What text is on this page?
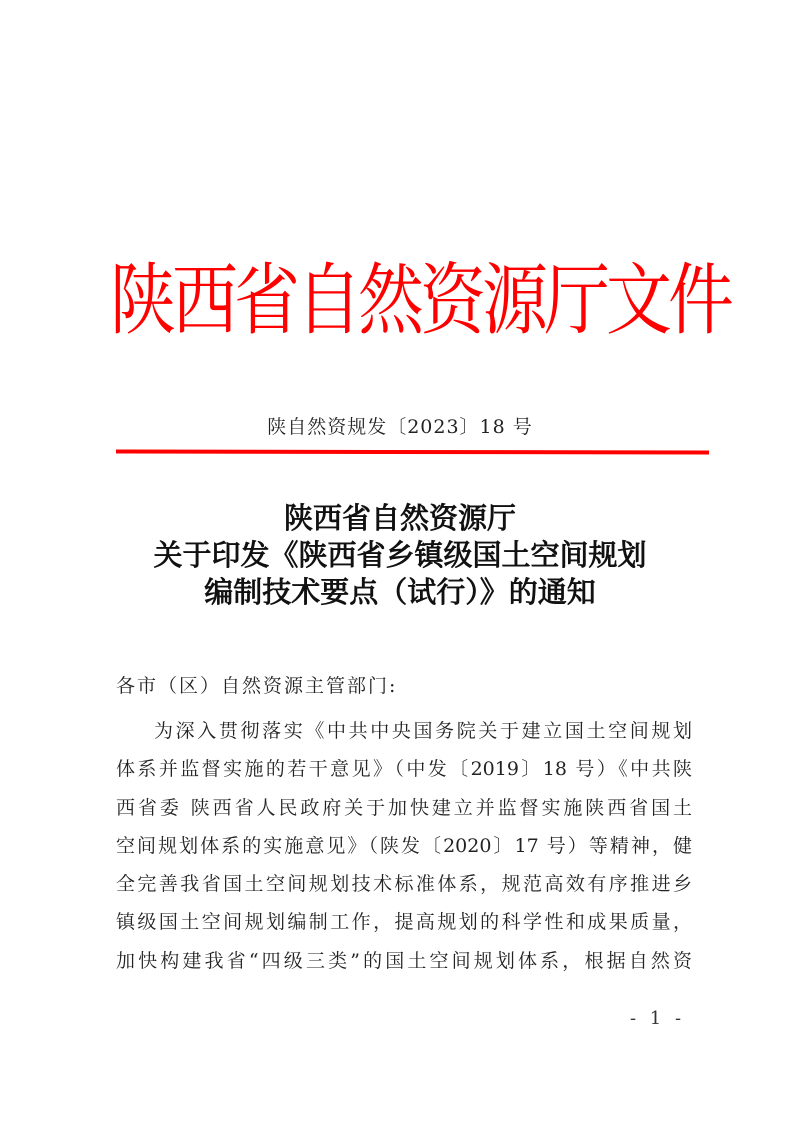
陕西省自然资源厅文件
陕自然资规发〔2023〕18 号
陕西省自然资源厅
关于印发《陕西省乡镇级国土空间规划
编制技术要点（试行）》的通知
各市（区）自然资源主管部门:
为深入贯彻落实《中共中央国务院关于建立国土空间规划
体系并监督实施的若干意见》（中发〔2019〕18 号）《中共陕
西省委 陕西省人民政府关于加快建立并监督实施陕西省国土
空间规划体系的实施意见》（陕发〔2020〕17 号）等精神，健
全完善我省国土空间规划技术标准体系，规范高效有序推进乡
镇级国土空间规划编制工作，提高规划的科学性和成果质量，
加快构建我省“四级三类”的国土空间规划体系，根据自然资
- 1 -
